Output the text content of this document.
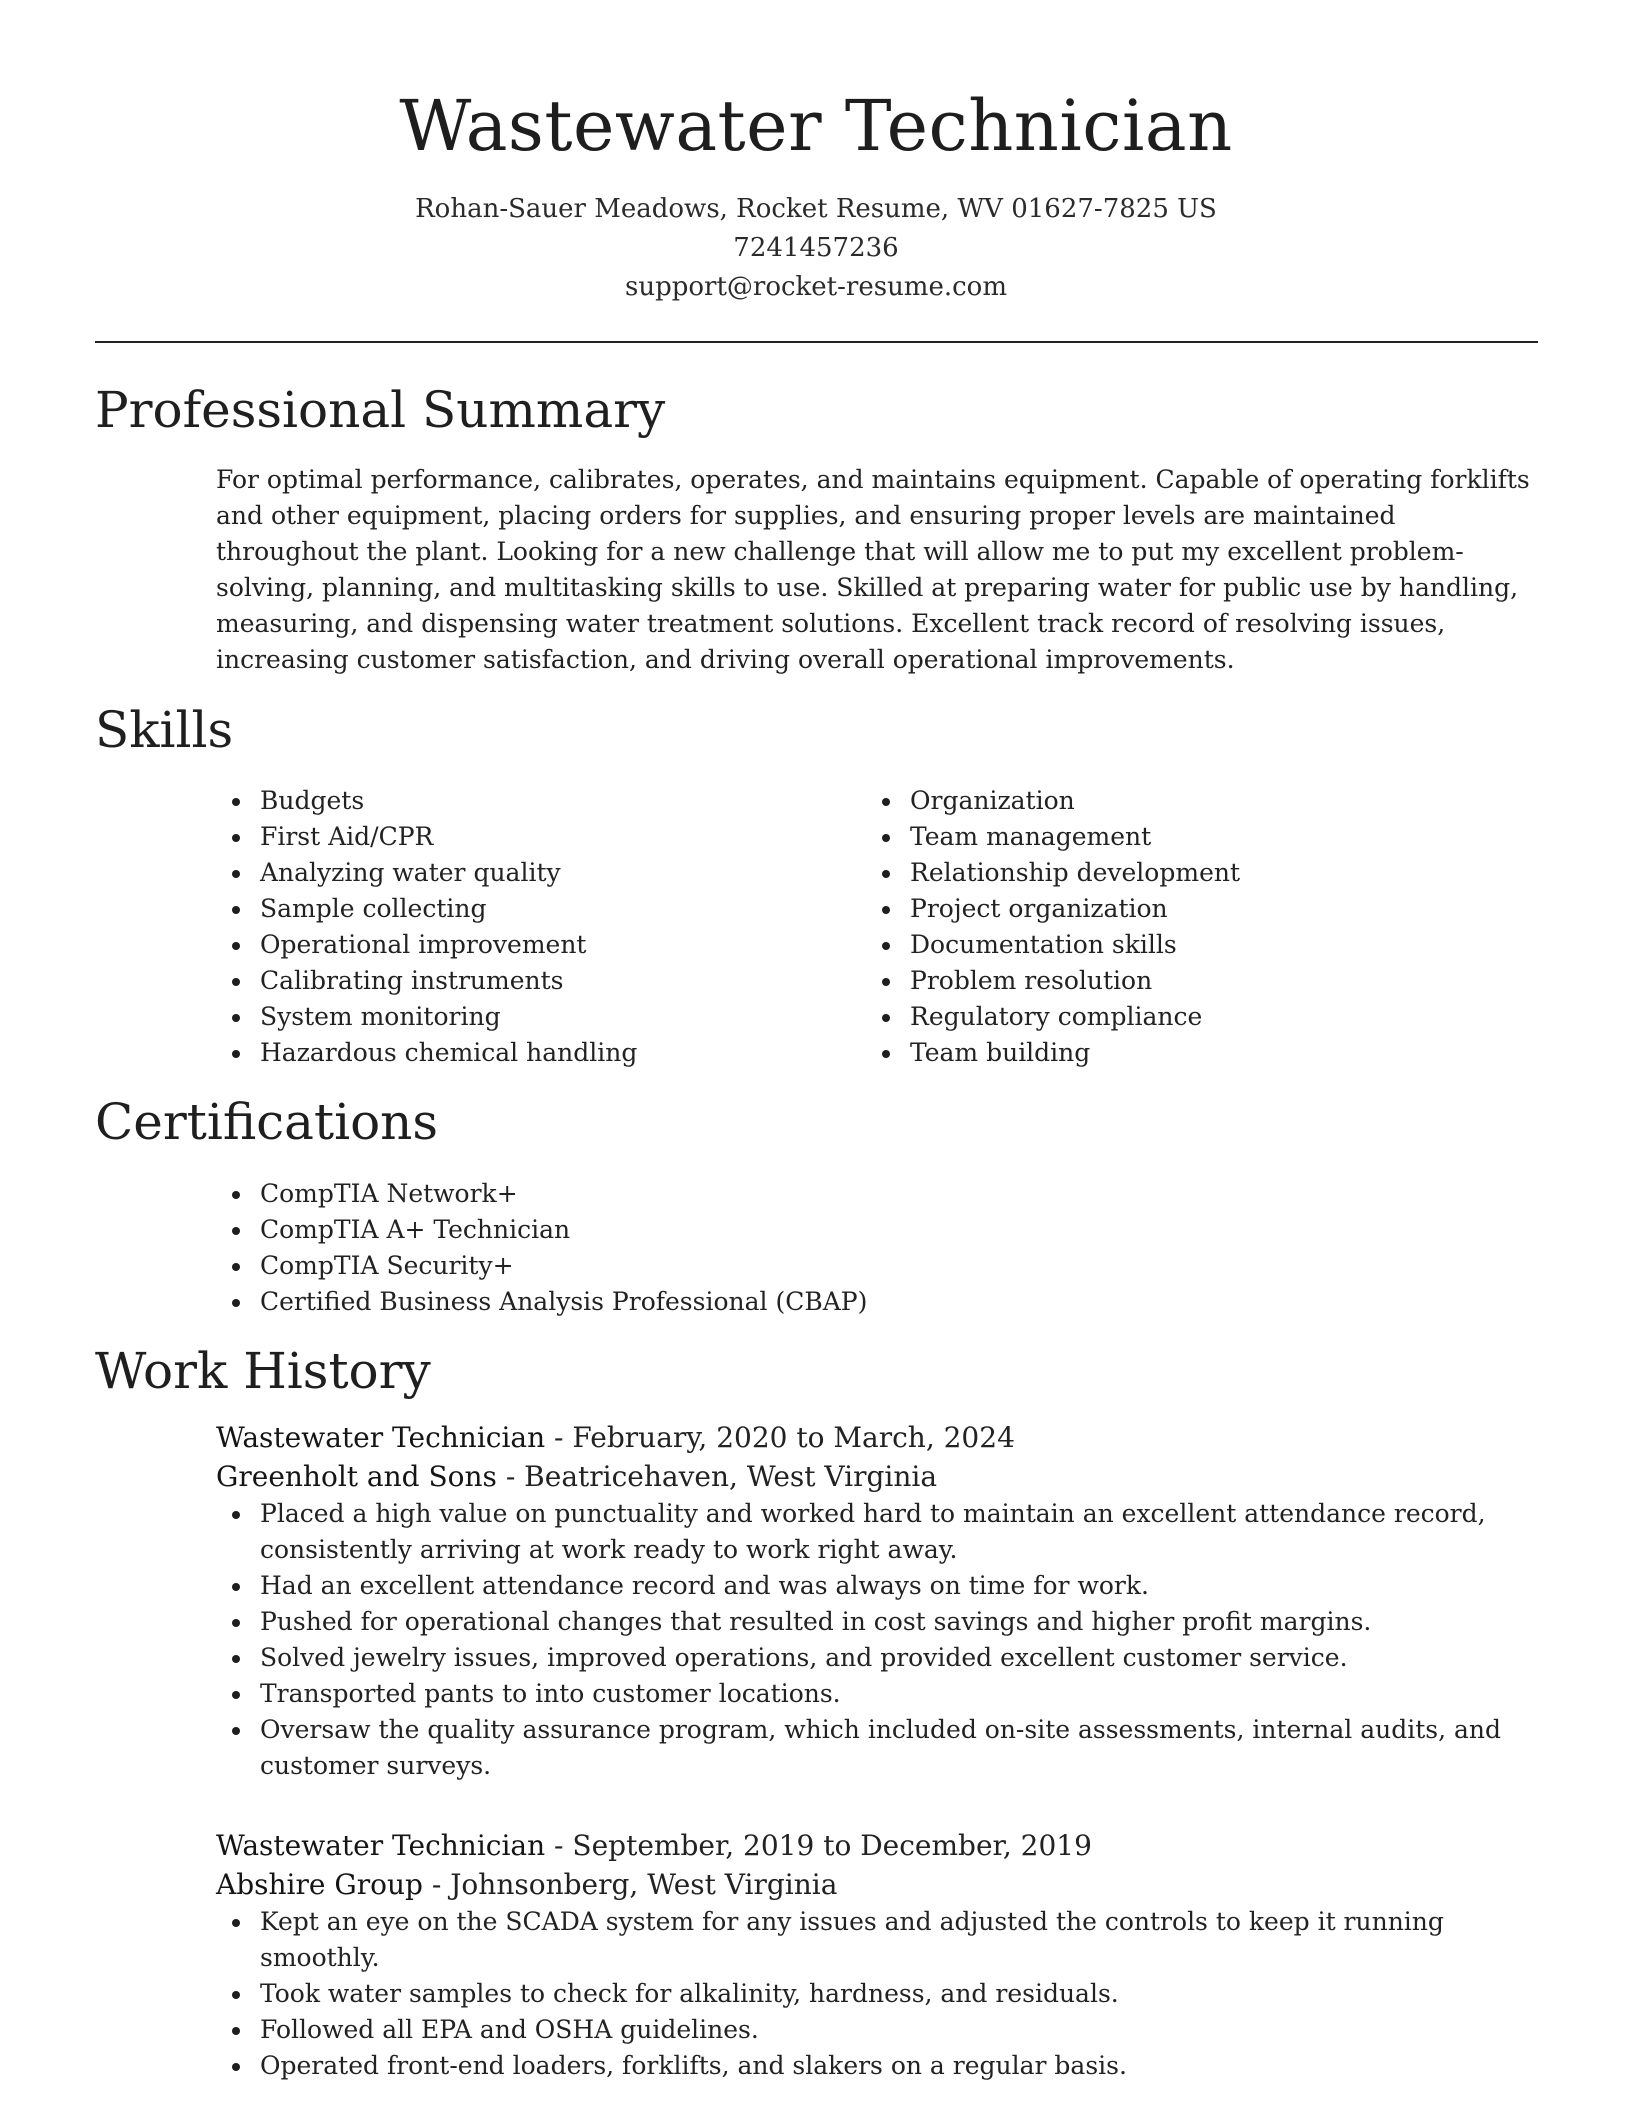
Wastewater Technician
Rohan-Sauer Meadows, Rocket Resume, WV 01627-7825 US
7241457236
support@rocket-resume.com
Professional Summary

For optimal performance, calibrates, operates, and maintains equipment. Capable of operating forklifts and other equipment, placing orders for supplies, and ensuring proper levels are maintained throughout the plant. Looking for a new challenge that will allow me to put my excellent problem-solving, planning, and multitasking skills to use. Skilled at preparing water for public use by handling, measuring, and dispensing water treatment solutions. Excellent track record of resolving issues, increasing customer satisfaction, and driving overall operational improvements.

Skills
Budgets
First Aid/CPR
Analyzing water quality
Sample collecting
Operational improvement
Calibrating instruments
System monitoring
Hazardous chemical handling
Organization
Team management
Relationship development
Project organization
Documentation skills
Problem resolution
Regulatory compliance
Team building
Certifications
CompTIA Network+
CompTIA A+ Technician
CompTIA Security+
Certified Business Analysis Professional (CBAP)
Work History
Wastewater Technician - February, 2020 to March, 2024
Greenholt and Sons - Beatricehaven, West Virginia
Placed a high value on punctuality and worked hard to maintain an excellent attendance record, consistently arriving at work ready to work right away.
Had an excellent attendance record and was always on time for work.
Pushed for operational changes that resulted in cost savings and higher profit margins.
Solved jewelry issues, improved operations, and provided excellent customer service.
Transported pants to into customer locations.
Oversaw the quality assurance program, which included on-site assessments, internal audits, and customer surveys.
Wastewater Technician - September, 2019 to December, 2019
Abshire Group - Johnsonberg, West Virginia
Kept an eye on the SCADA system for any issues and adjusted the controls to keep it running smoothly.
Took water samples to check for alkalinity, hardness, and residuals.
Followed all EPA and OSHA guidelines.
Operated front-end loaders, forklifts, and slakers on a regular basis.
